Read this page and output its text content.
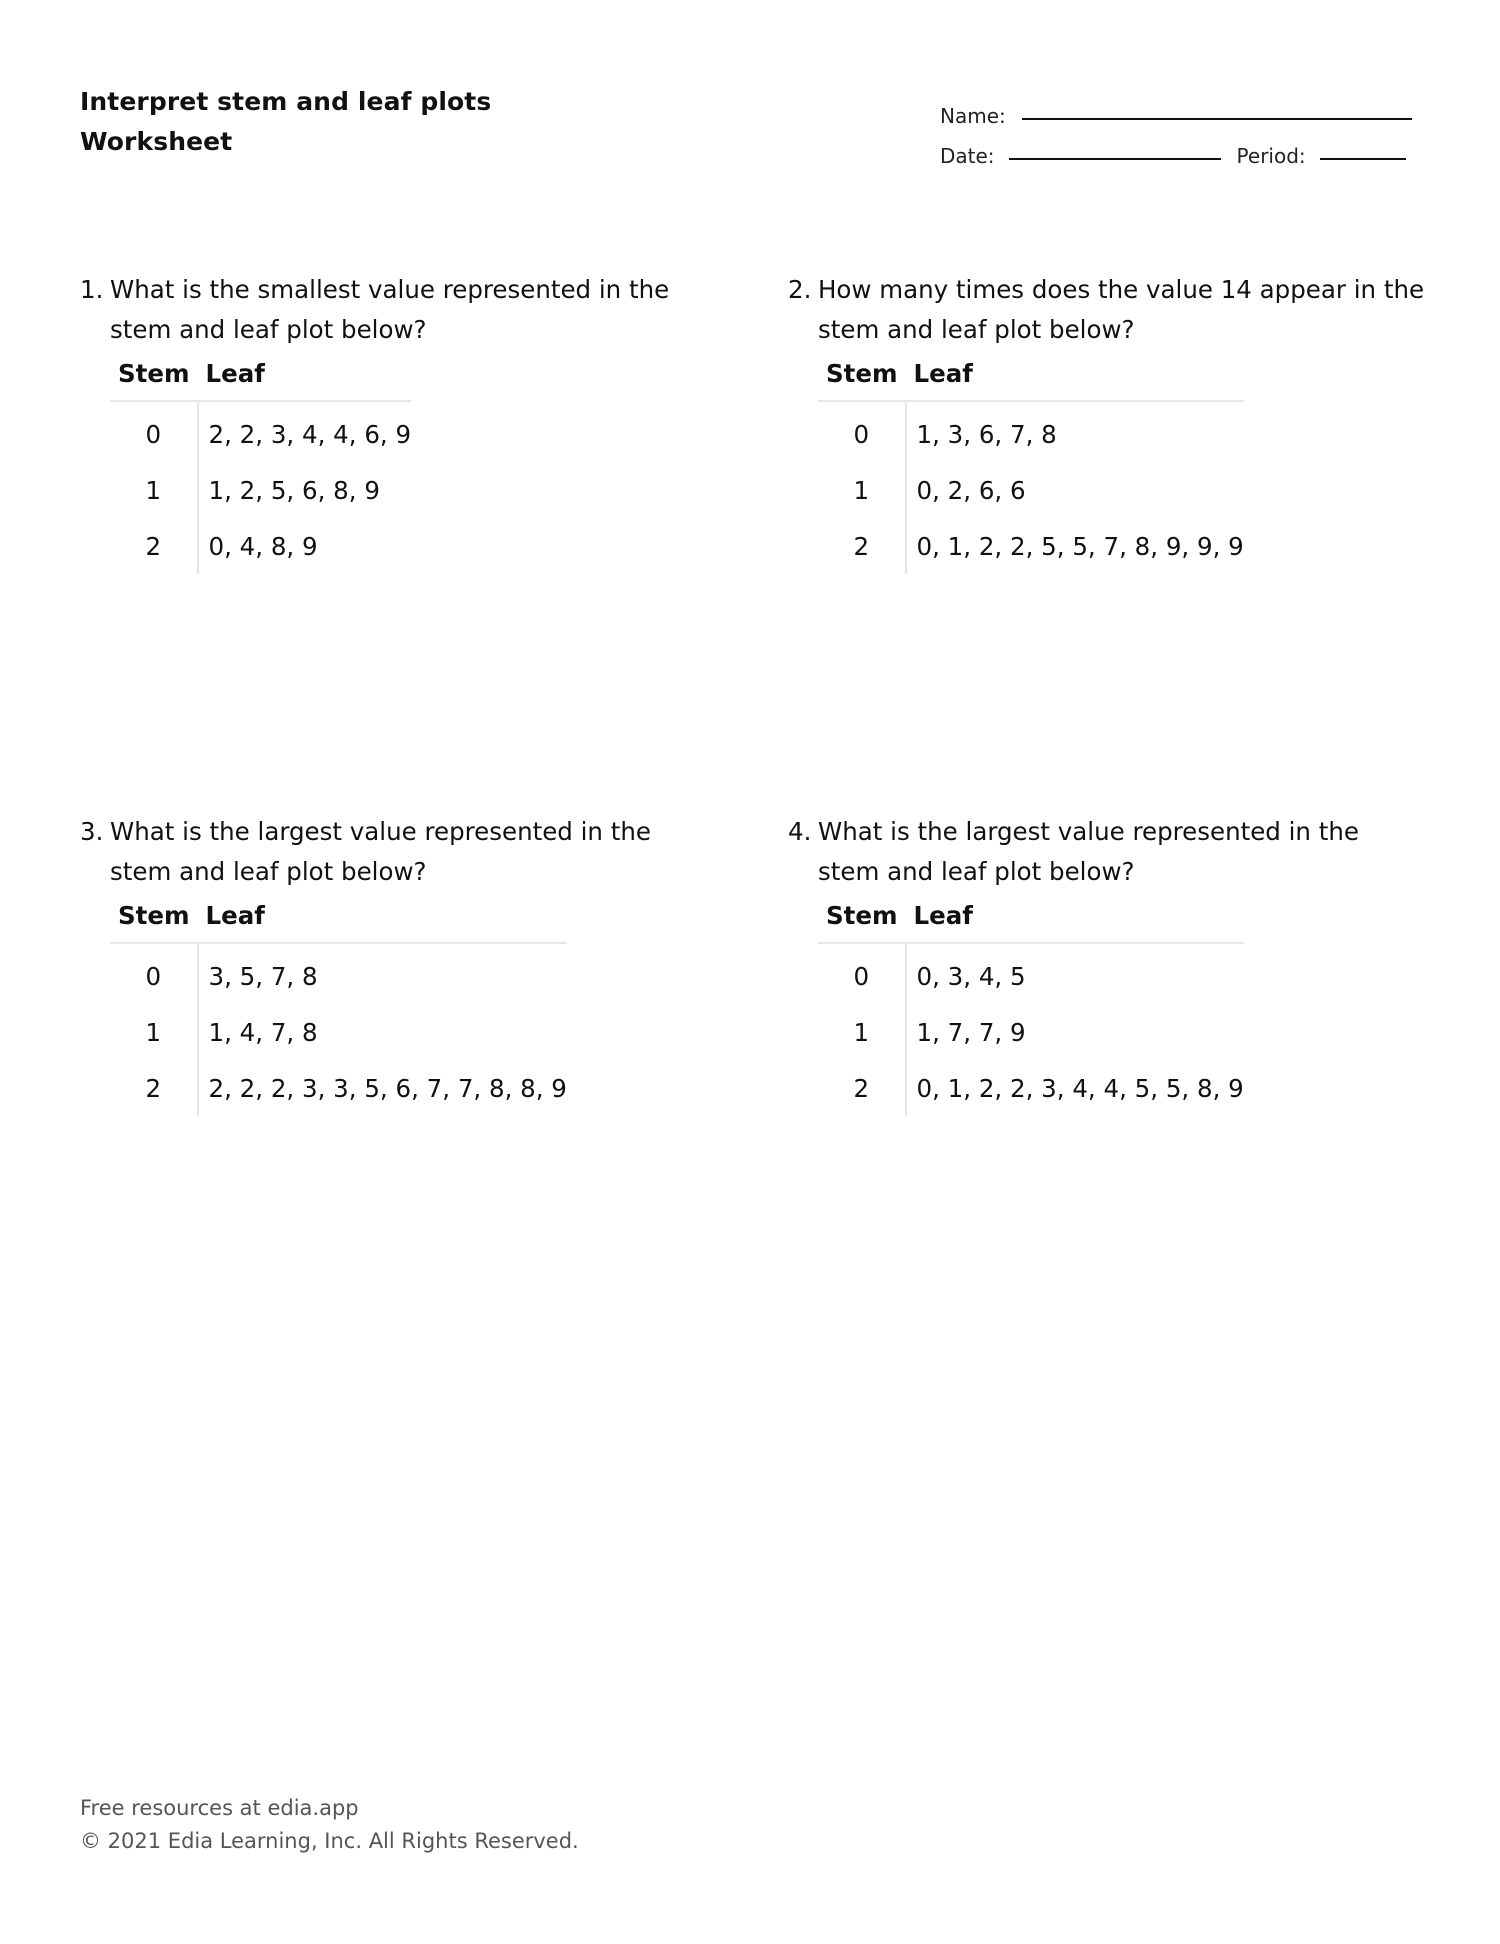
Interpret stem and leaf plots
Worksheet
Name:
Date:	Period:
1. What is the smallest value represented in the stem and leaf plot below?
Stem	Leaf
0	2, 2, 3, 4, 4, 6, 9
1	1, 2, 5, 6, 8, 9
2	0, 4, 8, 9
2. How many times does the value 14 appear in the stem and leaf plot below?
Stem	Leaf
0	1, 3, 6, 7, 8
1	0, 2, 6, 6
2	0, 1, 2, 2, 5, 5, 7, 8, 9, 9, 9
3. What is the largest value represented in the stem and leaf plot below?
Stem	Leaf
0	3, 5, 7, 8
1	1, 4, 7, 8
2	2, 2, 2, 3, 3, 5, 6, 7, 7, 8, 8, 9
4. What is the largest value represented in the stem and leaf plot below?
Stem	Leaf
0	0, 3, 4, 5
1	1, 7, 7, 9
2	0, 1, 2, 2, 3, 4, 4, 5, 5, 8, 9
Free resources at edia.app
© 2021 Edia Learning, Inc. All Rights Reserved.
